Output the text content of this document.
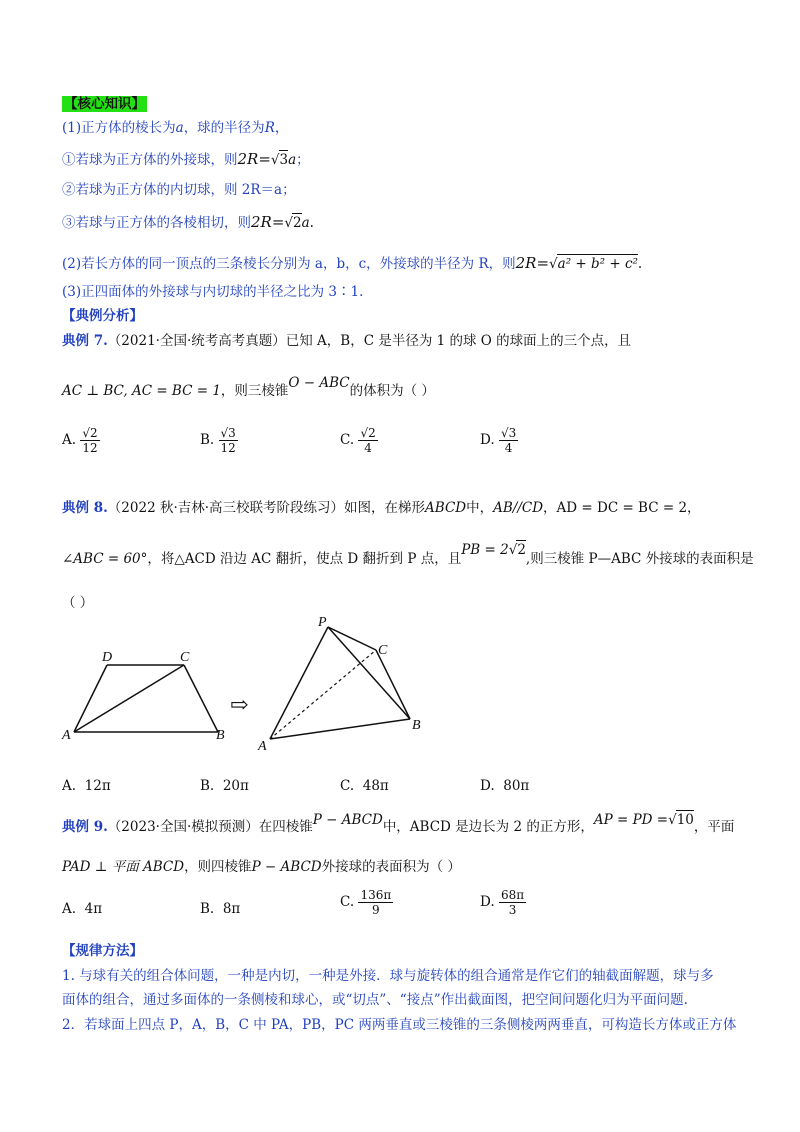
【核心知识】
(1)正方体的棱长为a，球的半径为R，
①若球为正方体的外接球，则2R=√3a；
②若球为正方体的内切球，则 2R＝a；
③若球与正方体的各棱相切，则2R=√2a.
(2)若长方体的同一顶点的三条棱长分别为 a，b，c，外接球的半径为 R，则2R=√a² + b² + c².
(3)正四面体的外接球与内切球的半径之比为 3∶1.
【典例分析】
典例 7.（2021·全国·统考高考真题）已知 A，B，C 是半径为 1 的球 O 的球面上的三个点，且
AC ⊥ BC, AC = BC = 1，则三棱锥O − ABC的体积为（ ）
A. $\frac{√2}{12}$	B. $\frac{√3}{12}$	C. $\frac{√2}{4}$	D. $\frac{√3}{4}$
典例 8.（2022 秋·吉林·高三校联考阶段练习）如图，在梯形ABCD中，AB//CD，AD = DC = BC = 2，
∠ABC = 60°，将△ACD 沿边 AC 翻折，使点 D 翻折到 P 点，且PB = 2√2,则三棱锥 P—ABC 外接球的表面积是
（ ）
D	C
A	B
⇨
P
C
A
B
A. 12π	B. 20π	C. 48π	D. 80π
典例 9.（2023·全国·模拟预测）在四棱锥P − ABCD中，ABCD 是边长为 2 的正方形，AP = PD =√10，平面
PAD ⊥ 平面 ABCD，则四棱锥P − ABCD外接球的表面积为（ ）
A. 4π	B. 8π	C. $\frac{136\pi}{9}$	D. $\frac{68\pi}{3}$
【规律方法】
1. 与球有关的组合体问题，一种是内切，一种是外接．球与旋转体的组合通常是作它们的轴截面解题，球与多
面体的组合，通过多面体的一条侧棱和球心，或“切点”、“接点”作出截面图，把空间问题化归为平面问题.
2．若球面上四点 P，A，B，C 中 PA，PB，PC 两两垂直或三棱锥的三条侧棱两两垂直，可构造长方体或正方体
